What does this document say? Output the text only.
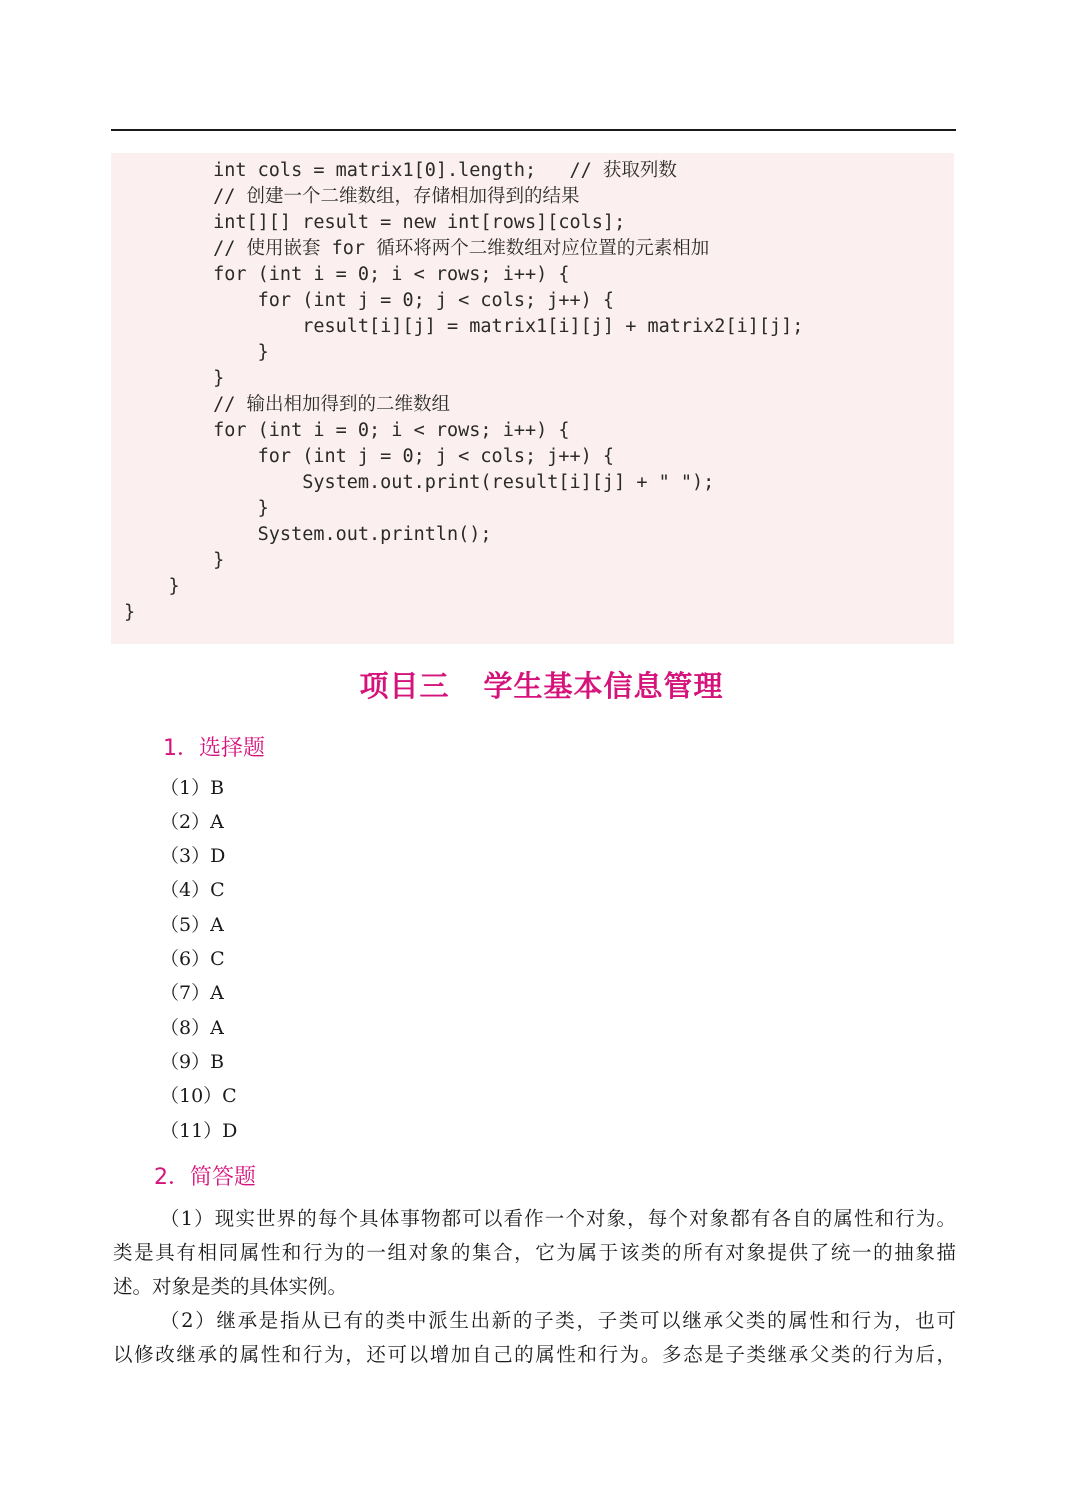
int cols = matrix1[0].length;   // 获取列数
// 创建一个二维数组，存储相加得到的结果
int[][] result = new int[rows][cols];
// 使用嵌套 for 循环将两个二维数组对应位置的元素相加
for (int i = 0; i < rows; i++) {
for (int j = 0; j < cols; j++) {
result[i][j] = matrix1[i][j] + matrix2[i][j];
}
}
// 输出相加得到的二维数组
for (int i = 0; i < rows; i++) {
for (int j = 0; j < cols; j++) {
System.out.print(result[i][j] + " ");
}
System.out.println();
}
}
}
项目三 学生基本信息管理
1．选择题
（1）B
（2）A
（3）D
（4）C
（5）A
（6）C
（7）A
（8）A
（9）B
（10）C
（11）D
2．简答题
（1）现实世界的每个具体事物都可以看作一个对象，每个对象都有各自的属性和行为。
类是具有相同属性和行为的一组对象的集合，它为属于该类的所有对象提供了统一的抽象描
述。对象是类的具体实例。
（2）继承是指从已有的类中派生出新的子类，子类可以继承父类的属性和行为，也可
以修改继承的属性和行为，还可以增加自己的属性和行为。多态是子类继承父类的行为后，
